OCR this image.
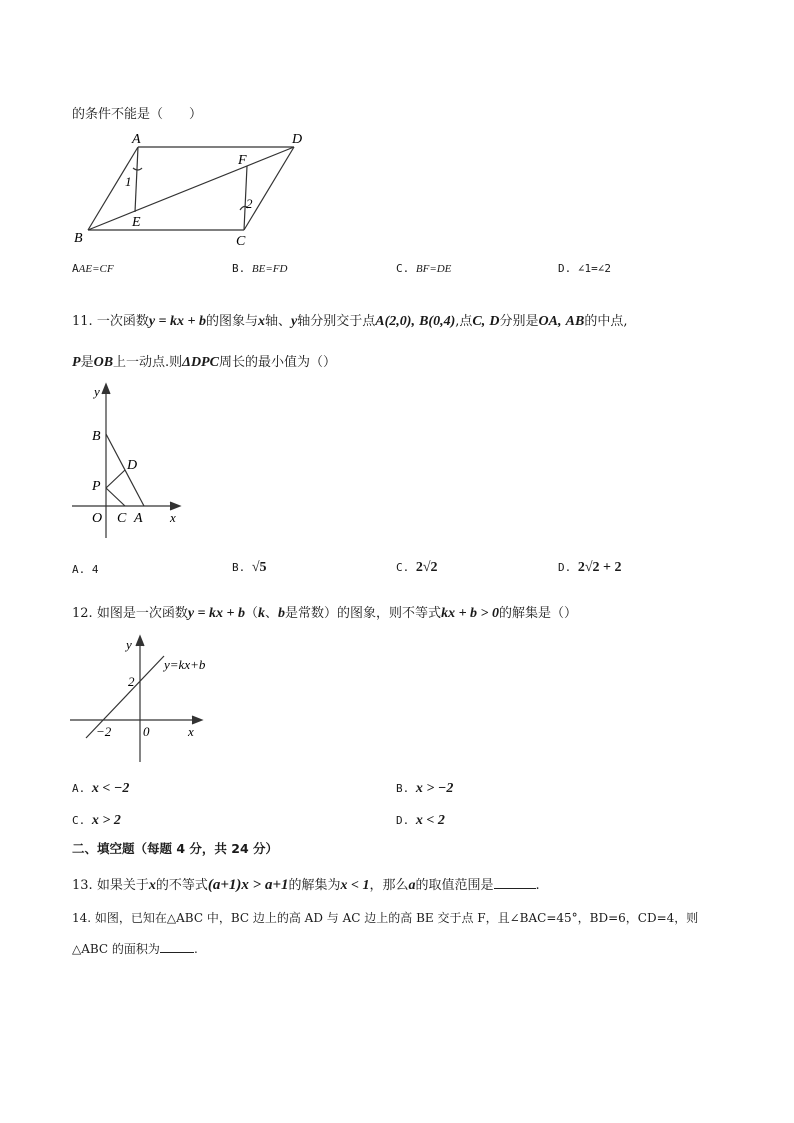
的条件不能是（　　）
A	D
F
1
2
E
B	C
AAE=CF	B. BE=FD	C. BF=DE	D. ∠1=∠2
11. 一次函数y = kx + b的图象与x轴、y轴分别交于点A(2,0), B(0,4),点C, D分别是OA, AB的中点,
P是OB上一动点.则ΔDPC周长的最小值为（）
y
B
D
P
O C A x
A. 4	B. √5	C. 2√2	D. 2√2 + 2
12. 如图是一次函数y = kx + b（k、b是常数）的图象，则不等式kx + b > 0的解集是（）
y
y=kx+b
2
−2 0	x
A. x < −2	B. x > −2
C. x > 2	D. x < 2
二、填空题（每题 4 分，共 24 分）
13. 如果关于x的不等式(a+1)x > a+1的解集为x < 1，那么a的取值范围是	.
14. 如图，已知在△ABC 中，BC 边上的高 AD 与 AC 边上的高 BE 交于点 F，且∠BAC=45°，BD=6，CD=4，则
△ABC 的面积为	.
